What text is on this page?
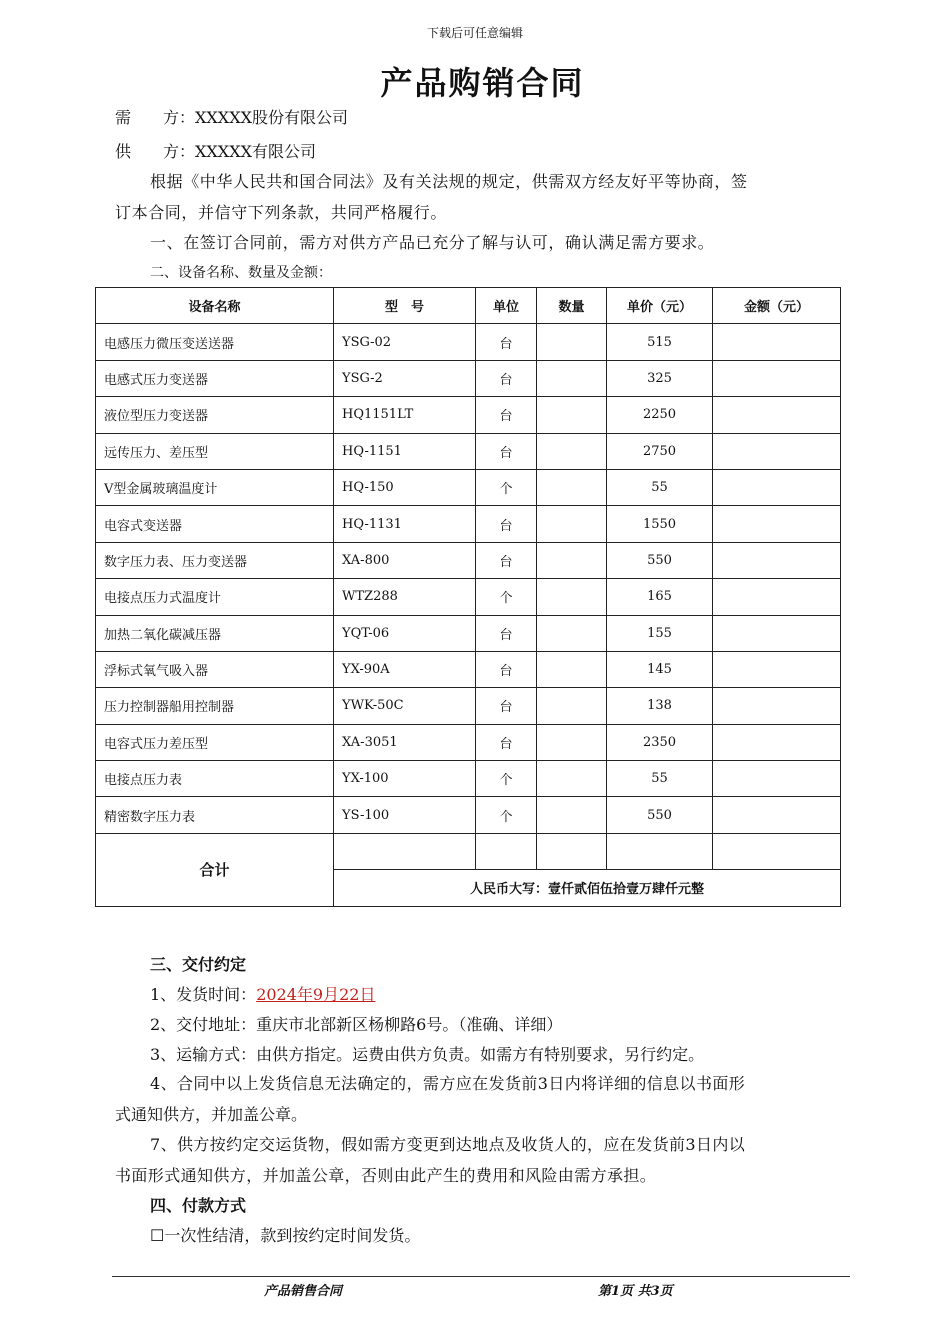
下载后可任意编辑
产品购销合同
需　　方：XXXXX股份有限公司
供　　方：XXXXX有限公司
根据《中华人民共和国合同法》及有关法规的规定，供需双方经友好平等协商，签
订本合同，并信守下列条款，共同严格履行。
一、在签订合同前，需方对供方产品已充分了解与认可，确认满足需方要求。
二、设备名称、数量及金额：
设备名称	型　号	单位	数量	单价（元）	金额（元）
电感压力微压变送送器	YSG-02	台		515	
电感式压力变送器	YSG-2	台		325	
液位型压力变送器	HQ1151LT	台		2250	
远传压力、差压型	HQ-1151	台		2750	
V型金属玻璃温度计	HQ-150	个		55	
电容式变送器	HQ-1131	台		1550	
数字压力表、压力变送器	XA-800	台		550	
电接点压力式温度计	WTZ288	个		165	
加热二氧化碳减压器	YQT-06	台		155	
浮标式氧气吸入器	YX-90A	台		145	
压力控制器船用控制器	YWK-50C	台		138	
电容式压力差压型	XA-3051	台		2350	
电接点压力表	YX-100	个		55	
精密数字压力表	YS-100	个		550	
合计					
	人民币大写：壹仟贰佰伍拾壹万肆仟元整				
三、交付约定
1、发货时间：2024年9月22日
2、交付地址：重庆市北部新区杨柳路6号。（准确、详细）
3、运输方式：由供方指定。运费由供方负责。如需方有特别要求，另行约定。
4、合同中以上发货信息无法确定的，需方应在发货前3日内将详细的信息以书面形
式通知供方，并加盖公章。
7、供方按约定交运货物，假如需方变更到达地点及收货人的，应在发货前3日内以
书面形式通知供方，并加盖公章，否则由此产生的费用和风险由需方承担。
四、付款方式
☐一次性结清，款到按约定时间发货。
产品销售合同	第1页 共3页
